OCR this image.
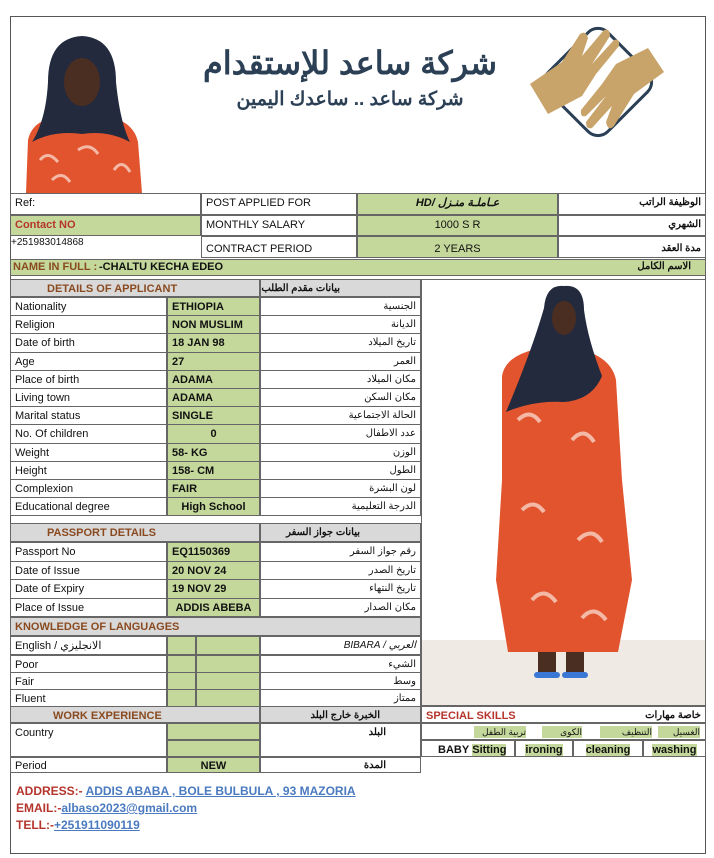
شركة ساعد للإستقدام
شركة ساعد .. ساعدك اليمين
Ref:	POST APPLIED FOR	HD/ عـاملـة منـزل	الوظيفة الراتب
Contact NO	MONTHLY SALARY	1000 S R	الشهري
+251983014868
CONTRACT PERIOD	2 YEARS	مدة العقد
NAME IN FULL : -CHALTU KECHA EDEO	الاسم الكامل
DETAILS OF APPLICANT	بيانات مقدم الطلب
Nationality	ETHIOPIA	الجنسية
Religion	NON MUSLIM	الديانة
Date of birth	18 JAN 98	تاريخ الميلاد
Age	27	العمر
Place of birth	ADAMA	مكان الميلاد
Living town	ADAMA	مكان السكن
Marital status	SINGLE	الحالة الاجتماعية
No. Of children	0	عدد الاطفال
Weight	58- KG	الوزن
Height	158- CM	الطول
Complexion	FAIR	لون البشرة
Educational degree	High School	الدرجة التعليمية
PASSPORT DETAILS	بيانات جواز السفر
Passport No	EQ1150369	رقم جواز السفر
Date of Issue	20 NOV 24	تاريخ الصدر
Date of Expiry	19 NOV 29	تاريخ النتهاء
Place of Issue	ADDIS ABEBA	مكان الصدار
KNOWLEDGE OF LANGUAGES
English / الانجليزي	العربي / BIBARA
Poor	الشيء
Fair	وسط
Fluent	ممتاز
WORK EXPERIENCE	الخبرة خارج البلد
Country	البلد
Period	NEW	المدة
SPECIAL SKILLS	خاصة مهارات
تربية الطفل	الكوى	التنظيف	الغسيل
BABY Sitting	ironing	cleaning	washing
ADDRESS:- ADDIS ABABA , BOLE BULBULA , 93 MAZORIA
EMAIL:-albaso2023@gmail.com
TELL:-+251911090119
